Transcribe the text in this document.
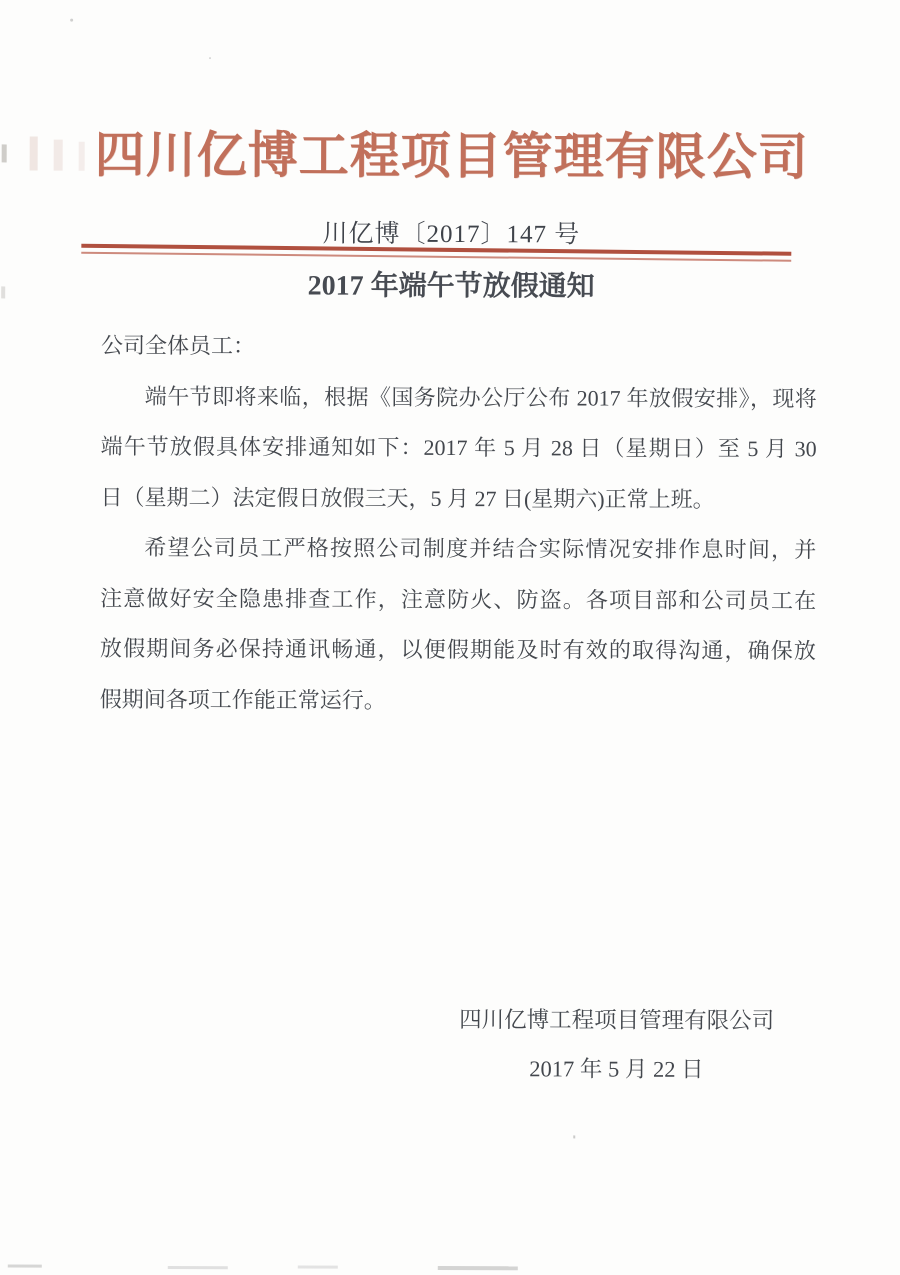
四川亿博工程项目管理有限公司
川亿博〔2017〕147 号
2017 年端午节放假通知
公司全体员工：
端午节即将来临，根据《国务院办公厅公布 2017 年放假安排》，现将
端午节放假具体安排通知如下：2017 年 5 月 28 日（星期日）至 5 月 30
日（星期二）法定假日放假三天，5 月 27 日(星期六)正常上班。
希望公司员工严格按照公司制度并结合实际情况安排作息时间，并
注意做好安全隐患排查工作，注意防火、防盗。各项目部和公司员工在
放假期间务必保持通讯畅通，以便假期能及时有效的取得沟通，确保放
假期间各项工作能正常运行。
四川亿博工程项目管理有限公司
2017 年 5 月 22 日
